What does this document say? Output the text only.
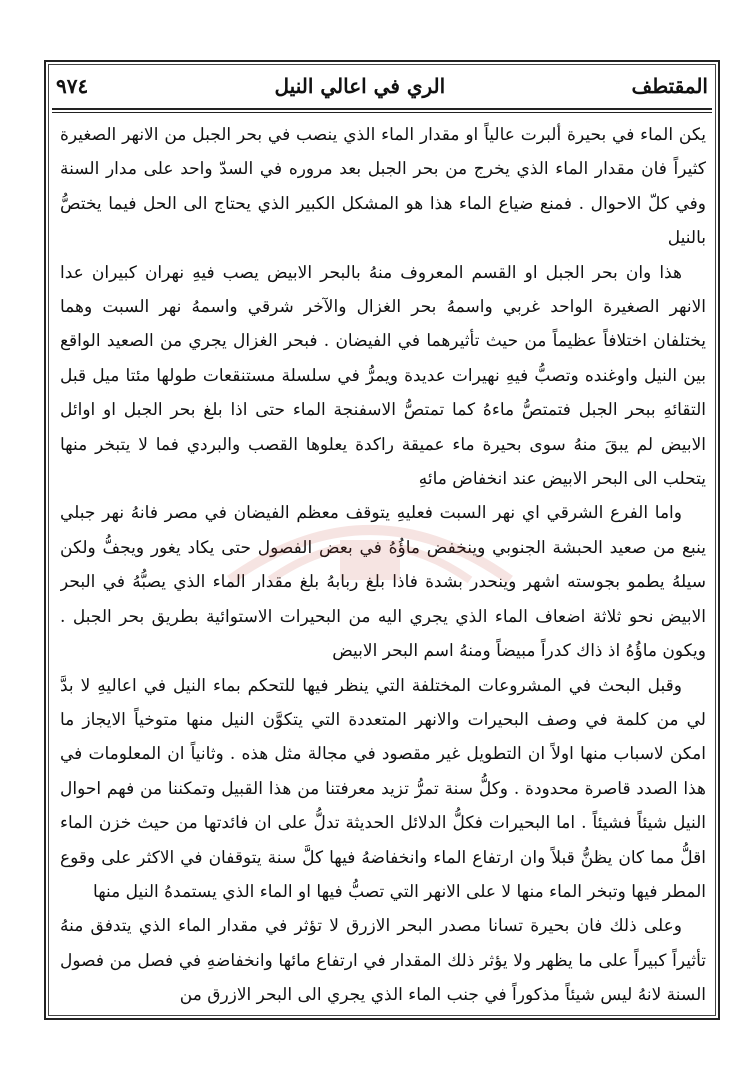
٩٧٤	الري في اعالي النيل	المقتطف

يكن الماء في بحيرة ألبرت عالياً او مقدار الماء الذي ينصب في بحر الجبل من الانهر الصغيرة كثيراً فان مقدار الماء الذي يخرج من بحر الجبل بعد مروره في السدّ واحد على مدار السنة وفي كلّ الاحوال . فمنع ضياع الماء هذا هو المشكل الكبير الذي يحتاج الى الحل فيما يختصُّ بالنيل

هذا وان بحر الجبل او القسم المعروف منهُ بالبحر الابيض يصب فيهِ نهران كبيران عدا الانهر الصغيرة الواحد غربي واسمهُ بحر الغزال والآخر شرقي واسمهُ نهر السبت وهما يختلفان اختلافاً عظيماً من حيث تأثيرهما في الفيضان . فبحر الغزال يجري من الصعيد الواقع بين النيل واوغنده وتصبُّ فيهِ نهيرات عديدة ويمرُّ في سلسلة مستنقعات طولها مئتا ميل قبل التقائهِ ببحر الجبل فتمتصُّ ماءهُ كما تمتصُّ الاسفنجة الماء حتى اذا بلغ بحر الجبل او اوائل الابيض لم يبقَ منهُ سوى بحيرة ماء عميقة راكدة يعلوها القصب والبردي فما لا يتبخر منها يتحلب الى البحر الابيض عند انخفاض مائهِ

واما الفرع الشرقي اي نهر السبت فعليهِ يتوقف معظم الفيضان في مصر فانهُ نهر جبلي ينبع من صعيد الحبشة الجنوبي وينخفض ماؤُهُ في بعض الفصول حتى يكاد يغور ويجفُّ ولكن سيلهُ يطمو بجوسته اشهر وينحدر بشدة فاذا بلغ ربابهُ بلغ مقدار الماء الذي يصبُّهُ في البحر الابيض نحو ثلاثة اضعاف الماء الذي يجري اليه من البحيرات الاستوائية بطريق بحر الجبل . ويكون ماؤُهُ اذ ذاك كدراً مبيضاً ومنهُ اسم البحر الابيض

وقبل البحث في المشروعات المختلفة التي ينظر فيها للتحكم بماء النيل في اعاليهِ لا بدَّ لي من كلمة في وصف البحيرات والانهر المتعددة التي يتكوَّن النيل منها متوخياً الايجاز ما امكن لاسباب منها اولاً ان التطويل غير مقصود في مجالة مثل هذه . وثانياً ان المعلومات في هذا الصدد قاصرة محدودة . وكلُّ سنة تمرُّ تزيد معرفتنا من هذا القبيل وتمكننا من فهم احوال النيل شيئاً فشيئاً . اما البحيرات فكلُّ الدلائل الحديثة تدلُّ على ان فائدتها من حيث خزن الماء اقلُّ مما كان يظنُّ قبلاً وان ارتفاع الماء وانخفاضهُ فيها كلَّ سنة يتوقفان في الاكثر على وقوع المطر فيها وتبخر الماء منها لا على الانهر التي تصبُّ فيها او الماء الذي يستمدهُ النيل منها

وعلى ذلك فان بحيرة تسانا مصدر البحر الازرق لا تؤثر في مقدار الماء الذي يتدفق منهُ تأثيراً كبيراً على ما يظهر ولا يؤثر ذلك المقدار في ارتفاع مائها وانخفاضهِ في فصل من فصول السنة لانهُ ليس شيئاً مذكوراً في جنب الماء الذي يجري الى البحر الازرق من
